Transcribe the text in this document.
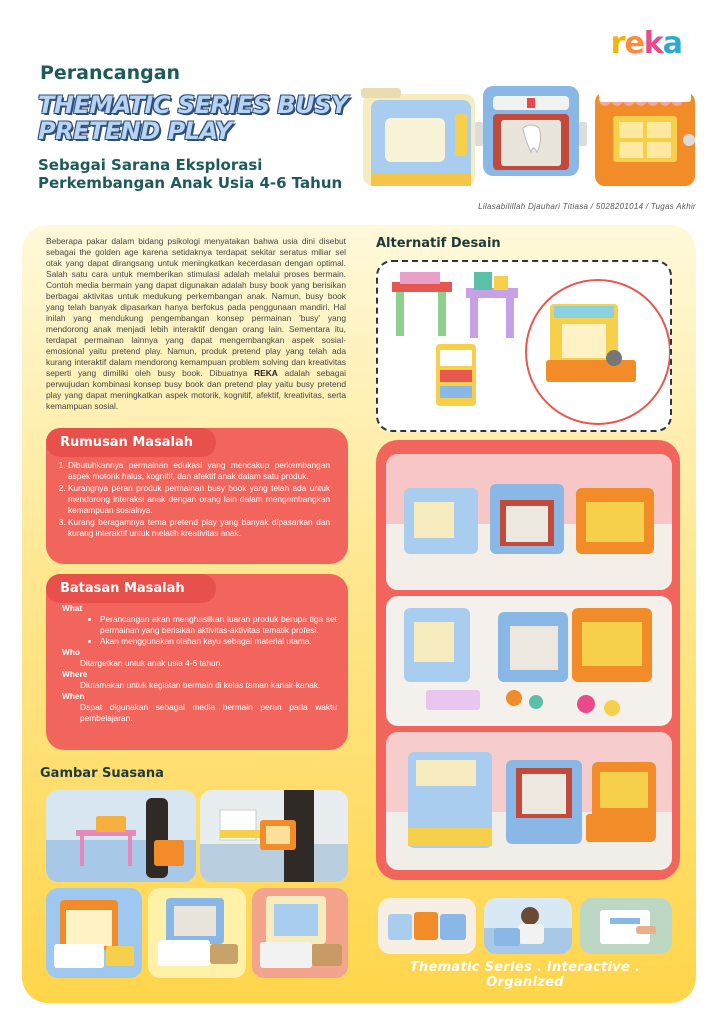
Perancangan
THEMATIC SERIES BUSY PRETEND PLAY
Sebagai Sarana Eksplorasi Perkembangan Anak Usia 4-6 Tahun
Lilasabilillah Djauhari Titiasa / 5028201014 / Tugas Akhir
reka
Beberapa pakar dalam bidang psikologi menyatakan bahwa usia dini disebut sebagai the golden age karena setidaknya terdapat sekitar seratus miliar sel otak yang dapat dirangsang untuk meningkatkan kecerdasan dengan optimal. Salah satu cara untuk memberikan stimulasi adalah melalui proses bermain. Contoh media bermain yang dapat digunakan adalah busy book yang berisikan berbagai aktivitas untuk medukung perkembangan anak. Namun, busy book yang telah banyak dipasarkan hanya berfokus pada penggunaan mandiri. Hal inilah yang mendukung pengembangan konsep permainan 'busy' yang mendorong anak menjadi lebih interaktif dengan orang lain. Sementara itu, terdapat permainan lainnya yang dapat mengembangkan aspek sosial-emosional yaitu pretend play. Namun, produk pretend play yang telah ada kurang interaktif dalam mendorong kemampuan problem solving dan kreativitas seperti yang dimiliki oleh busy book. Dibuatnya REKA adalah sebagai perwujudan kombinasi konsep busy book dan pretend play yaitu busy pretend play yang dapat meningkatkan aspek motorik, kognitif, afektif, kreativitas, serta kemampuan sosial.
Rumusan Masalah
1. Dibutuhkannya permainan edukasi yang mencakup perkembangan aspek motorik halus, kognitif, dan afektif anak dalam satu produk.
2. Kurangnya peran produk permainan busy book yang telah ada untuk mendorong interaksi anak dengan orang lain dalam mengembangkan kemampuan sosialnya.
3. Kurang beragamnya tema pretend play yang banyak dipasarkan dan kurang interaktif untuk melatih kreativitas anak.
Batasan Masalah
What
• Perancangan akan menghasilkan luaran produk berupa tiga set permainan yang berisikan aktivitas-aktivitas tematik profesi.
• Akan menggunakan olahan kayu sebagai material utama.
Who
Ditargetkan untuk anak usia 4-6 tahun.
Where
Diutamakan untuk kegiatan bermain di kelas taman kanak-kanak.
When
Dapat digunakan sebagai media bermain peran pada waktu pembelajaran.
Gambar Suasana
Alternatif Desain
Thematic Series . Interactive . Organized
